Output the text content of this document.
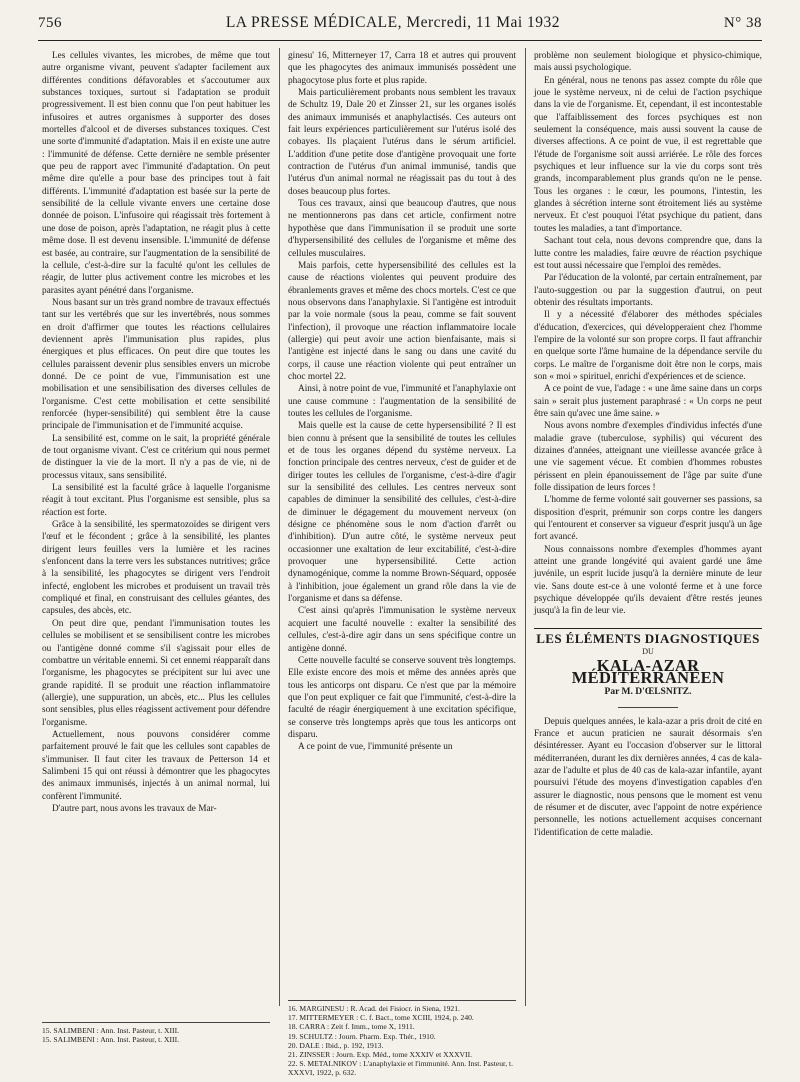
756	LA PRESSE MÉDICALE, Mercredi, 11 Mai 1932	N° 38

Les cellules vivantes, les microbes, de même que tout autre organisme vivant, peuvent s'adapter facilement aux différentes conditions défavorables et s'accoutumer aux substances toxiques, surtout si l'adaptation se produit progressivement. Il est bien connu que l'on peut habituer les infusoires et autres organismes à supporter des doses mortelles d'alcool et de diverses substances toxiques. C'est une sorte d'immunité d'adaptation. Mais il en existe une autre : l'immunité de défense. Cette dernière ne semble présenter que peu de rapport avec l'immunité d'adaptation. On peut même dire qu'elle a pour base des principes tout à fait différents. L'immunité d'adaptation est basée sur la perte de sensibilité de la cellule vivante envers une certaine dose donnée de poison. L'infusoire qui réagissait très fortement à une dose de poison, après l'adaptation, ne réagit plus à cette même dose. Il est devenu insensible. L'immunité de défense est basée, au contraire, sur l'augmentation de la sensibilité de la cellule, c'est-à-dire sur la faculté qu'ont les cellules de réagir, de lutter plus activement contre les microbes et les parasites ayant pénétré dans l'organisme.

Nous basant sur un très grand nombre de travaux effectués tant sur les vertébrés que sur les invertébrés, nous sommes en droit d'affirmer que toutes les réactions cellulaires deviennent après l'immunisation plus rapides, plus énergiques et plus efficaces. On peut dire que toutes les cellules paraissent devenir plus sensibles envers un microbe donné. De ce point de vue, l'immunisation est une mobilisation et une sensibilisation des diverses cellules de l'organisme. C'est cette mobilisation et cette sensibilité renforcée (hyper-sensibilité) qui semblent être la cause principale de l'immunisation et de l'immunité acquise.

La sensibilité est, comme on le sait, la propriété générale de tout organisme vivant. C'est ce critérium qui nous permet de distinguer la vie de la mort. Il n'y a pas de vie, ni de processus vitaux, sans sensibilité.

La sensibilité est la faculté grâce à laquelle l'organisme réagit à tout excitant. Plus l'organisme est sensible, plus sa réaction est forte.

Grâce à la sensibilité, les spermatozoïdes se dirigent vers l'œuf et le fécondent ; grâce à la sensibilité, les plantes dirigent leurs feuilles vers la lumière et les racines s'enfoncent dans la terre vers les substances nutritives; grâce à la sensibilité, les phagocytes se dirigent vers l'endroit infecté, englobent les microbes et produisent un travail très compliqué et final, en construisant des cellules géantes, des capsules, des abcès, etc.

On peut dire que, pendant l'immunisation toutes les cellules se mobilisent et se sensibilisent contre les microbes ou l'antigène donné comme s'il s'agissait pour elles de combattre un véritable ennemi. Si cet ennemi réapparaît dans l'organisme, les phagocytes se précipitent sur lui avec une grande rapidité. Il se produit une réaction inflammatoire (allergie), une suppuration, un abcès, etc... Plus les cellules sont sensibles, plus elles réagissent activement pour défendre l'organisme.

Actuellement, nous pouvons considérer comme parfaitement prouvé le fait que les cellules sont capables de s'immuniser. Il faut citer les travaux de Petterson 14 et Salimbeni 15 qui ont réussi à démontrer que les phagocytes des animaux immunisés, injectés à un animal normal, lui confèrent l'immunité.

D'autre part, nous avons les travaux de Mar-

ginesu' 16, Mitterneyer 17, Carra 18 et autres qui prouvent que les phagocytes des animaux immunisés possèdent une phagocytose plus forte et plus rapide.

Mais particulièrement probants nous semblent les travaux de Schultz 19, Dale 20 et Zinsser 21, sur les organes isolés des animaux immunisés et anaphylactisés. Ces auteurs ont fait leurs expériences particulièrement sur l'utérus isolé des cobayes. Ils plaçaient l'utérus dans le sérum artificiel. L'addition d'une petite dose d'antigène provoquait une forte contraction de l'utérus d'un animal immunisé, tandis que l'utérus d'un animal normal ne réagissait pas du tout à des doses beaucoup plus fortes.

Tous ces travaux, ainsi que beaucoup d'autres, que nous ne mentionnerons pas dans cet article, confirment notre hypothèse que dans l'immunisation il se produit une sorte d'hypersensibilité des cellules de l'organisme et même des cellules musculaires.

Mais parfois, cette hypersensibilité des cellules est la cause de réactions violentes qui peuvent produire des ébranlements graves et même des chocs mortels. C'est ce que nous observons dans l'anaphylaxie. Si l'antigène est introduit par la voie normale (sous la peau, comme se fait souvent l'infection), il provoque une réaction inflammatoire locale (allergie) qui peut avoir une action bienfaisante, mais si l'antigène est injecté dans le sang ou dans une cavité du corps, il cause une réaction violente qui peut entraîner un choc mortel 22.

Ainsi, à notre point de vue, l'immunité et l'anaphylaxie ont une cause commune : l'augmentation de la sensibilité de toutes les cellules de l'organisme.

Mais quelle est la cause de cette hypersensibilité ? Il est bien connu à présent que la sensibilité de toutes les cellules et de tous les organes dépend du système nerveux. La fonction principale des centres nerveux, c'est de guider et de diriger toutes les cellules de l'organisme, c'est-à-dire d'agir sur la sensibilité des cellules. Les centres nerveux sont capables de diminuer la sensibilité des cellules, c'est-à-dire de diminuer le dégagement du mouvement nerveux (on désigne ce phénomène sous le nom d'action d'arrêt ou d'inhibition). D'un autre côté, le système nerveux peut occasionner une exaltation de leur excitabilité, c'est-à-dire provoquer une hypersensibilité. Cette action dynamogénique, comme la nomme Brown-Séquard, opposée à l'inhibition, joue également un grand rôle dans la vie de l'organisme et dans sa défense.

C'est ainsi qu'après l'immunisation le système nerveux acquiert une faculté nouvelle : exalter la sensibilité des cellules, c'est-à-dire agir dans un sens spécifique contre un antigène donné.

Cette nouvelle faculté se conserve souvent très longtemps. Elle existe encore des mois et même des années après que tous les anticorps ont disparu. Ce n'est que par la mémoire que l'on peut expliquer ce fait que l'immunité, c'est-à-dire la faculté de réagir énergiquement à une excitation spécifique, se conserve très longtemps après que tous les anticorps ont disparu.

A ce point de vue, l'immunité présente un

problème non seulement biologique et physico-chimique, mais aussi psychologique.

En général, nous ne tenons pas assez compte du rôle que joue le système nerveux, ni de celui de l'action psychique dans la vie de l'organisme. Et, cependant, il est incontestable que l'affaiblissement des forces psychiques est non seulement la conséquence, mais aussi souvent la cause de diverses affections. A ce point de vue, il est regrettable que l'étude de l'organisme soit aussi arriérée. Le rôle des forces psychiques et leur influence sur la vie du corps sont très grands, incomparablement plus grands qu'on ne le pense. Tous les organes : le cœur, les poumons, l'intestin, les glandes à sécrétion interne sont étroitement liés au système nerveux. Et c'est pouquoi l'état psychique du patient, dans toutes les maladies, a tant d'importance.

Sachant tout cela, nous devons comprendre que, dans la lutte contre les maladies, faire œuvre de réaction psychique est tout aussi nécessaire que l'emploi des remèdes.

Par l'éducation de la volonté, par certain entraînement, par l'auto-suggestion ou par la suggestion d'autrui, on peut obtenir des résultats importants.

Il y a nécessité d'élaborer des méthodes spéciales d'éducation, d'exercices, qui développeraient chez l'homme l'empire de la volonté sur son propre corps. Il faut affranchir en quelque sorte l'âme humaine de la dépendance servile du corps. Le maître de l'organisme doit être non le corps, mais son « moi » spirituel, enrichi d'expériences et de science.

A ce point de vue, l'adage : « une âme saine dans un corps sain » serait plus justement paraphrasé : « Un corps ne peut être sain qu'avec une âme saine. »

Nous avons nombre d'exemples d'individus infectés d'une maladie grave (tuberculose, syphilis) qui vécurent des dizaines d'années, atteignant une vieillesse avancée grâce à une vie sagement vécue. Et combien d'hommes robustes périssent en plein épanouissement de l'âge par suite d'une folle dissipation de leurs forces !

L'homme de ferme volonté sait gouverner ses passions, sa disposition d'esprit, prémunir son corps contre les dangers qui l'entourent et conserver sa vigueur d'esprit jusqu'à un âge fort avancé.

Nous connaissons nombre d'exemples d'hommes ayant atteint une grande longévité qui avaient gardé une âme juvénile, un esprit lucide jusqu'à la dernière minute de leur vie. Sans doute est-ce à une volonté ferme et à une force psychique développée qu'ils devaient d'être restés jeunes jusqu'à la fin de leur vie.

LES ÉLÉMENTS DIAGNOSTIQUES
DU
KALA-AZAR MÉDITERRANÉEN
Par M. D'ŒLSNITZ.

Depuis quelques années, le kala-azar a pris droit de cité en France et aucun praticien ne saurait désormais s'en désintéresser. Ayant eu l'occasion d'observer sur le littoral méditerranéen, durant les dix dernières années, 4 cas de kala-azar de l'adulte et plus de 40 cas de kala-azar infantile, ayant poursuivi l'étude des moyens d'investigation capables d'en assurer le diagnostic, nous pensons que le moment est venu de résumer et de discuter, avec l'appoint de notre expérience personnelle, les notions actuellement acquises concernant l'identification de cette maladie.

15. SALIMBENI : Ann. Inst. Pasteur, t. XIII.

15. SALIMBENI : Ann. Inst. Pasteur, t. XIII.

16. MARGINESU : R. Acad. dei Fisiocr. in Siena, 1921.

17. MITTERMEYER : C. f. Bact., tome XCIII, 1924, p. 240.

18. CARRA : Zeit f. Imm., tome X, 1911.

19. SCHULTZ : Journ. Pharm. Exp. Thér., 1910.

20. DALE : Ibid., p. 192, 1913.

21. ZINSSER : Journ. Exp. Méd., tome XXXIV et XXXVII.

22. S. METALNIKOV : L'anaphylaxie et l'immunité. Ann. Inst. Pasteur, t. XXXVI, 1922, p. 632.
